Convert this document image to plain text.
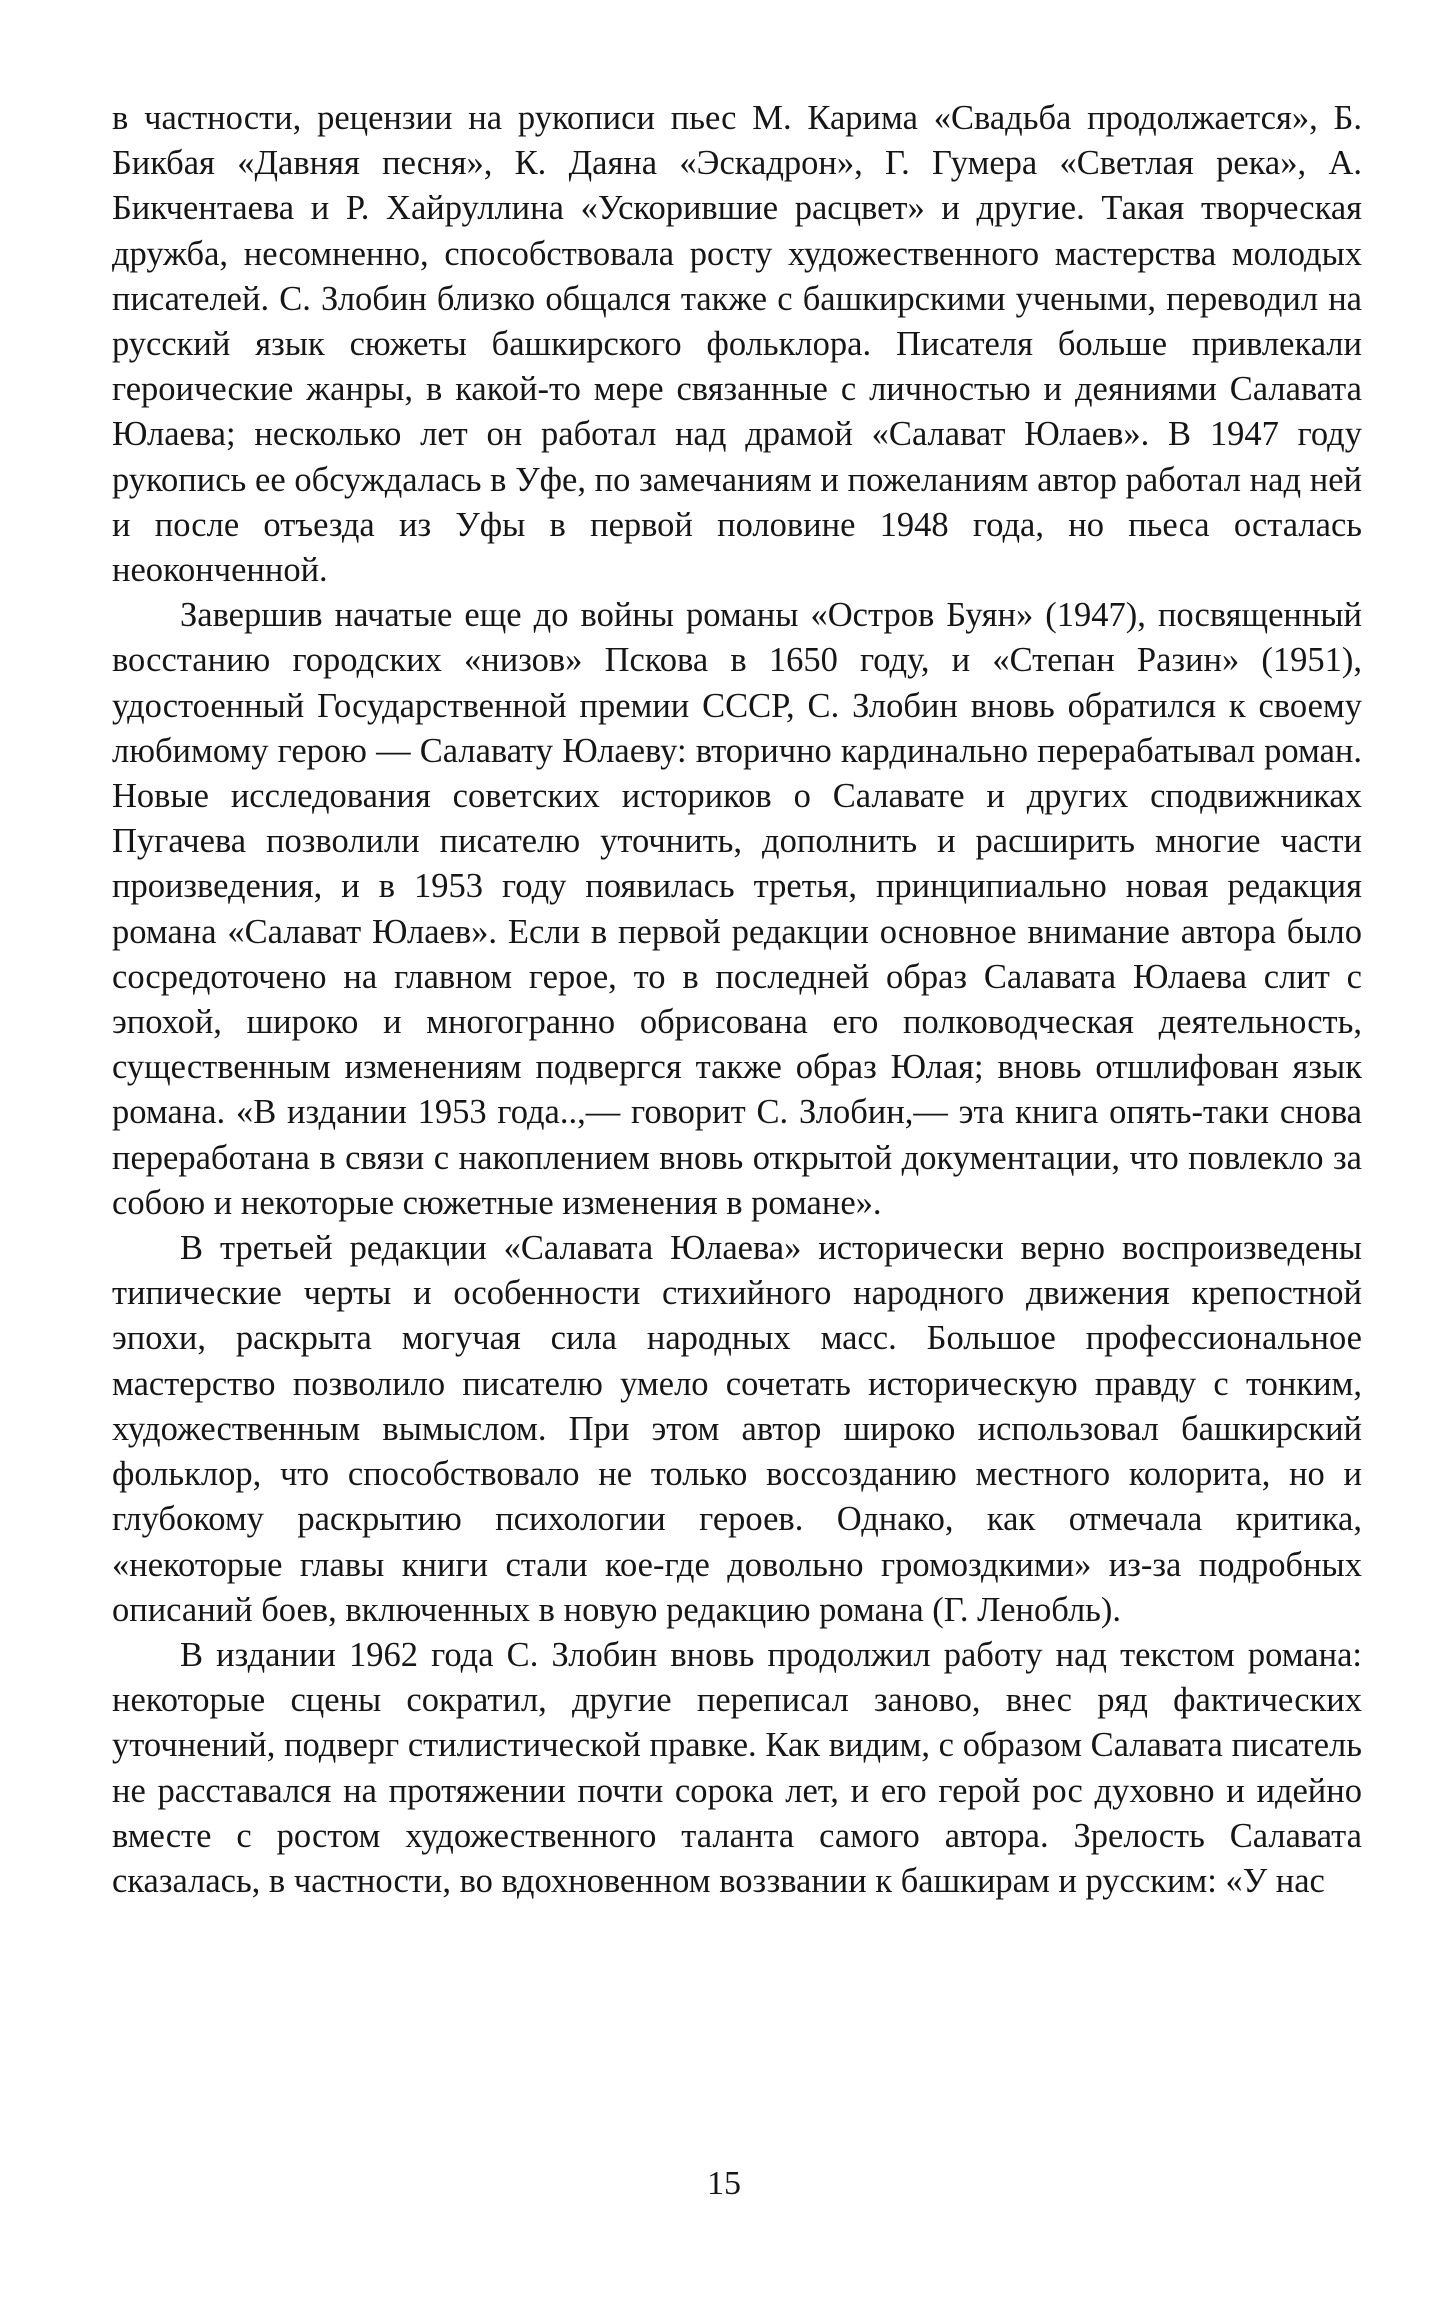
в частности, рецензии на рукописи пьес М. Карима «Свадьба продолжается», Б. Бикбая «Давняя песня», К. Даяна «Эскадрон», Г. Гумера «Светлая река», А. Бикчентаева и Р. Хайруллина «Ускорившие расцвет» и другие. Такая творческая дружба, несомненно, способствовала росту художественного мастерства молодых писателей. С. Злобин близко общался также с башкирскими учеными, переводил на русский язык сюжеты башкирского фольклора. Писателя больше привлекали героические жанры, в какой-то мере связанные с личностью и деяниями Салавата Юлаева; несколько лет он работал над драмой «Салават Юлаев». В 1947 году рукопись ее обсуждалась в Уфе, по замечаниям и пожеланиям автор работал над ней и после отъезда из Уфы в первой половине 1948 года, но пьеса осталась неоконченной.

Завершив начатые еще до войны романы «Остров Буян» (1947), посвященный восстанию городских «низов» Пскова в 1650 году, и «Степан Разин» (1951), удостоенный Государственной премии СССР, С. Злобин вновь обратился к своему любимому герою — Салавату Юлаеву: вторично кардинально перерабатывал роман. Новые исследования советских историков о Салавате и других сподвижниках Пугачева позволили писателю уточнить, дополнить и расширить многие части произведения, и в 1953 году появилась третья, принципиально новая редакция романа «Салават Юлаев». Если в первой редакции основное внимание автора было сосредоточено на главном герое, то в последней образ Салавата Юлаева слит с эпохой, широко и многогранно обрисована его полководческая деятельность, существенным изменениям подвергся также образ Юлая; вновь отшлифован язык романа. «В издании 1953 года..,— говорит С. Злобин,— эта книга опять-таки снова переработана в связи с накоплением вновь открытой документации, что повлекло за собою и некоторые сюжетные изменения в романе».

В третьей редакции «Салавата Юлаева» исторически верно воспроизведены типические черты и особенности стихийного народного движения крепостной эпохи, раскрыта могучая сила народных масс. Большое профессиональное мастерство позволило писателю умело сочетать историческую правду с тонким, художественным вымыслом. При этом автор широко использовал башкирский фольклор, что способствовало не только воссозданию местного колорита, но и глубокому раскрытию психологии героев. Однако, как отмечала критика, «некоторые главы книги стали кое-где довольно громоздкими» из-за подробных описаний боев, включенных в новую редакцию романа (Г. Ленобль).

В издании 1962 года С. Злобин вновь продолжил работу над текстом романа: некоторые сцены сократил, другие переписал заново, внес ряд фактических уточнений, подверг стилистической правке. Как видим, с образом Салавата писатель не расставался на протяжении почти сорока лет, и его герой рос духовно и идейно вместе с ростом художественного таланта самого автора. Зрелость Салавата сказалась, в частности, во вдохновенном воззвании к башкирам и русским: «У нас

15
